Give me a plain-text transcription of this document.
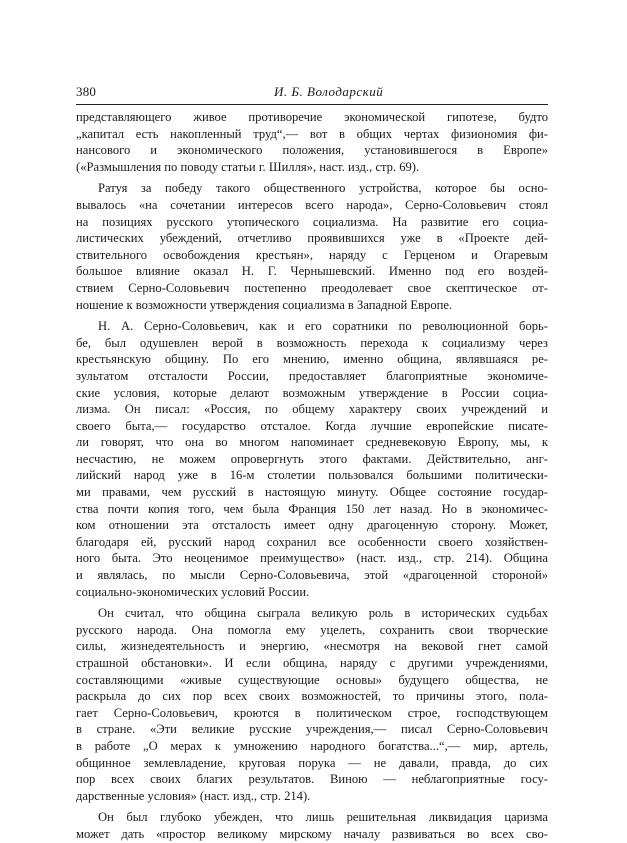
380	И. Б. Володарский
представляющего живое противоречие экономической гипотезе, будто
„капитал есть накопленный труд“,— вот в общих чертах физиономия фи-
нансового и экономического положения, установившегося в Европе»
(«Размышления по поводу статьи г. Шилля», наст. изд., стр. 69).
Ратуя за победу такого общественного устройства, которое бы осно-
вывалось «на сочетании интересов всего народа», Серно-Соловьевич стоял
на позициях русского утопического социализма. На развитие его социа-
листических убеждений, отчетливо проявившихся уже в «Проекте дей-
ствительного освобождения крестьян», наряду с Герценом и Огаревым
большое влияние оказал Н. Г. Чернышевский. Именно под его воздей-
ствием Серно-Соловьевич постепенно преодолевает свое скептическое от-
ношение к возможности утверждения социализма в Западной Европе.
Н. А. Серно-Соловьевич, как и его соратники по революционной борь-
бе, был одушевлен верой в возможность перехода к социализму через
крестьянскую общину. По его мнению, именно община, являвшаяся ре-
зультатом отсталости России, предоставляет благоприятные экономиче-
ские условия, которые делают возможным утверждение в России социа-
лизма. Он писал: «Россия, по общему характеру своих учреждений и
своего быта,— государство отсталое. Когда лучшие европейские писате-
ли говорят, что она во многом напоминает средневековую Европу, мы, к
несчастию, не можем опровергнуть этого фактами. Действительно, анг-
лийский народ уже в 16-м столетии пользовался большими политически-
ми правами, чем русский в настоящую минуту. Общее состояние государ-
ства почти копия того, чем была Франция 150 лет назад. Но в экономичес-
ком отношении эта отсталость имеет одну драгоценную сторону. Может,
благодаря ей, русский народ сохранил все особенности своего хозяйствен-
ного быта. Это неоценимое преимущество» (наст. изд., стр. 214). Община
и являлась, по мысли Серно-Соловьевича, этой «драгоценной стороной»
социально-экономических условий России.
Он считал, что община сыграла великую роль в исторических судьбах
русского народа. Она помогла ему уцелеть, сохранить свои творческие
силы, жизнедеятельность и энергию, «несмотря на вековой гнет самой
страшной обстановки». И если община, наряду с другими учреждениями,
составляющими «живые существующие основы» будущего общества, не
раскрыла до сих пор всех своих возможностей, то причины этого, пола-
гает Серно-Соловьевич, кроются в политическом строе, господствующем
в стране. «Эти великие русские учреждения,— писал Серно-Соловьевич
в работе „О мерах к умножению народного богатства...“,— мир, артель,
общинное землевладение, круговая порука — не давали, правда, до сих
пор всех своих благих результатов. Виною — неблагоприятные госу-
дарственные условия» (наст. изд., стр. 214).
Он был глубоко убежден, что лишь решительная ликвидация царизма
может дать «простор великому мирскому началу развиваться во всех сво-
